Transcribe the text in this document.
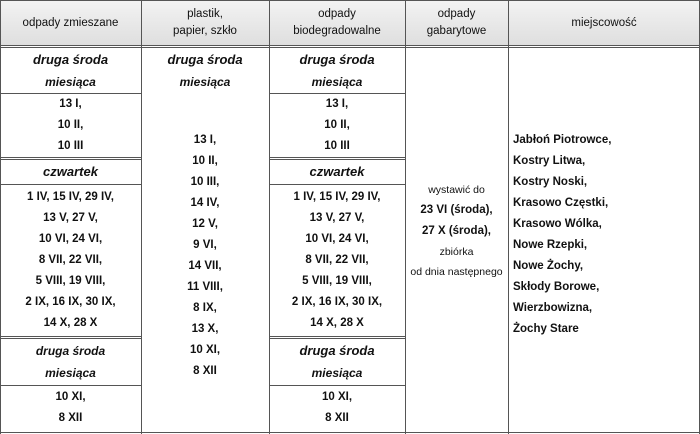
odpady zmieszane
plastik,
papier, szkło
odpady
biodegradowalne
odpady
gabarytowe
miejscowość
druga środa
miesiąca
13 I,
10 II,
10 III
czwartek
1 IV, 15 IV, 29 IV,
13 V, 27 V,
10 VI, 24 VI,
8 VII, 22 VII,
5 VIII, 19 VIII,
2 IX, 16 IX, 30 IX,
14 X, 28 X
druga środa
miesiąca
10 XI,
8 XII
druga środa
miesiąca
13 I,
10 II,
10 III,
14 IV,
12 V,
9 VI,
14 VII,
11 VIII,
8 IX,
13 X,
10 XI,
8 XII
druga środa
miesiąca
13 I,
10 II,
10 III
czwartek
1 IV, 15 IV, 29 IV,
13 V, 27 V,
10 VI, 24 VI,
8 VII, 22 VII,
5 VIII, 19 VIII,
2 IX, 16 IX, 30 IX,
14 X, 28 X
druga środa
miesiąca
10 XI,
8 XII
wystawić do
23 VI (środa),
27 X (środa),
zbiórka
od dnia następnego
Jabłoń Piotrowce,
Kostry Litwa,
Kostry Noski,
Krasowo Częstki,
Krasowo Wólka,
Nowe Rzepki,
Nowe Żochy,
Skłody Borowe,
Wierzbowizna,
Żochy Stare
